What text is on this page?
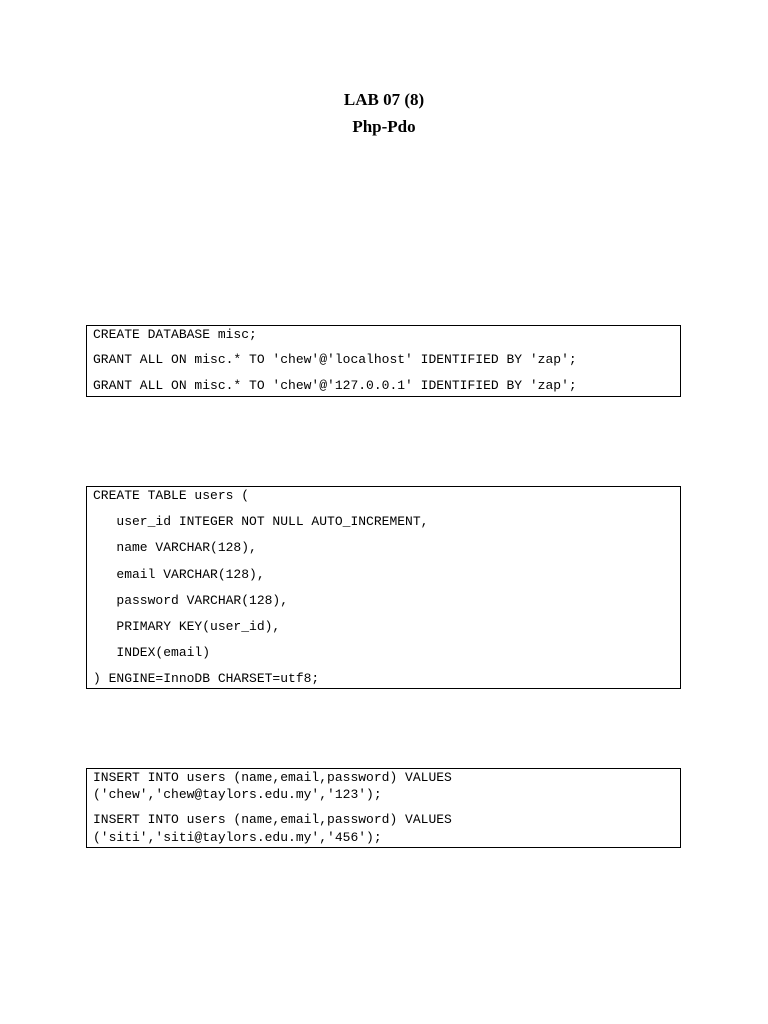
LAB 07 (8)
Php-Pdo
CREATE DATABASE misc;
GRANT ALL ON misc.* TO 'chew'@'localhost' IDENTIFIED BY 'zap';
GRANT ALL ON misc.* TO 'chew'@'127.0.0.1' IDENTIFIED BY 'zap';
CREATE TABLE users (
user_id INTEGER NOT NULL AUTO_INCREMENT,
name VARCHAR(128),
email VARCHAR(128),
password VARCHAR(128),
PRIMARY KEY(user_id),
INDEX(email)
) ENGINE=InnoDB CHARSET=utf8;
INSERT INTO users (name,email,password) VALUES
('chew','chew@taylors.edu.my','123');
INSERT INTO users (name,email,password) VALUES
('siti','siti@taylors.edu.my','456');
